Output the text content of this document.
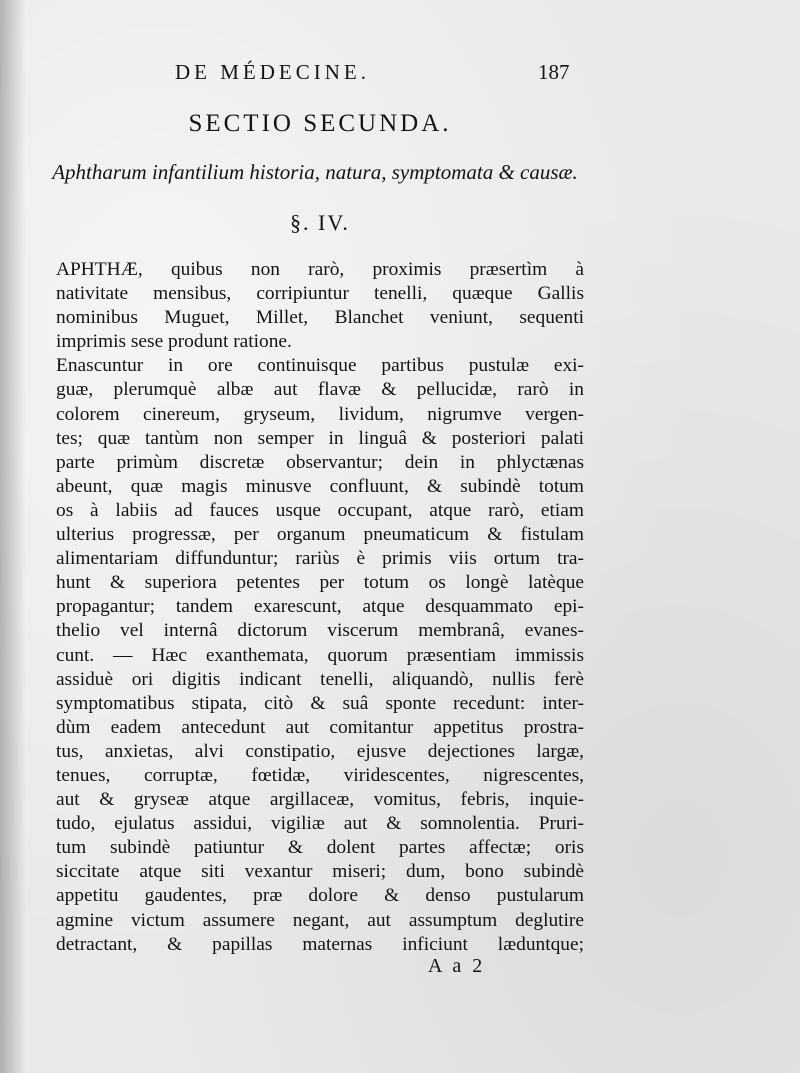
DE MÉDECINE.	187
SECTIO SECUNDA.
Aphtharum infantilium historia, natura, symptomata & causæ.
§. IV.
APHTHÆ, quibus non rarò, proximis præsertìm à
nativitate mensibus, corripiuntur tenelli, quæque Gallis
nominibus Muguet, Millet, Blanchet veniunt, sequenti
imprimis sese produnt ratione.
Enascuntur in ore continuisque partibus pustulæ exi-
guæ, plerumquè albæ aut flavæ & pellucidæ, rarò in
colorem cinereum, gryseum, lividum, nigrumve vergen-
tes; quæ tantùm non semper in linguâ & posteriori palati
parte primùm discretæ observantur; dein in phlyctænas
abeunt, quæ magis minusve confluunt, & subindè totum
os à labiis ad fauces usque occupant, atque rarò, etiam
ulterius progressæ, per organum pneumaticum & fistulam
alimentariam diffunduntur; rariùs è primis viis ortum tra-
hunt & superiora petentes per totum os longè latèque
propagantur; tandem exarescunt, atque desquammato epi-
thelio vel internâ dictorum viscerum membranâ, evanes-
cunt. — Hæc exanthemata, quorum præsentiam immissis
assiduè ori digitis indicant tenelli, aliquandò, nullis ferè
symptomatibus stipata, citò & suâ sponte recedunt: inter-
dùm eadem antecedunt aut comitantur appetitus prostra-
tus, anxietas, alvi constipatio, ejusve dejectiones largæ,
tenues, corruptæ, fœtidæ, viridescentes, nigrescentes,
aut & gryseæ atque argillaceæ, vomitus, febris, inquie-
tudo, ejulatus assidui, vigiliæ aut & somnolentia. Pruri-
tum subindè patiuntur & dolent partes affectæ; oris
siccitate atque siti vexantur miseri; dum, bono subindè
appetitu gaudentes, præ dolore & denso pustularum
agmine victum assumere negant, aut assumptum deglutire
detractant, & papillas maternas inficiunt læduntque;
A a 2
